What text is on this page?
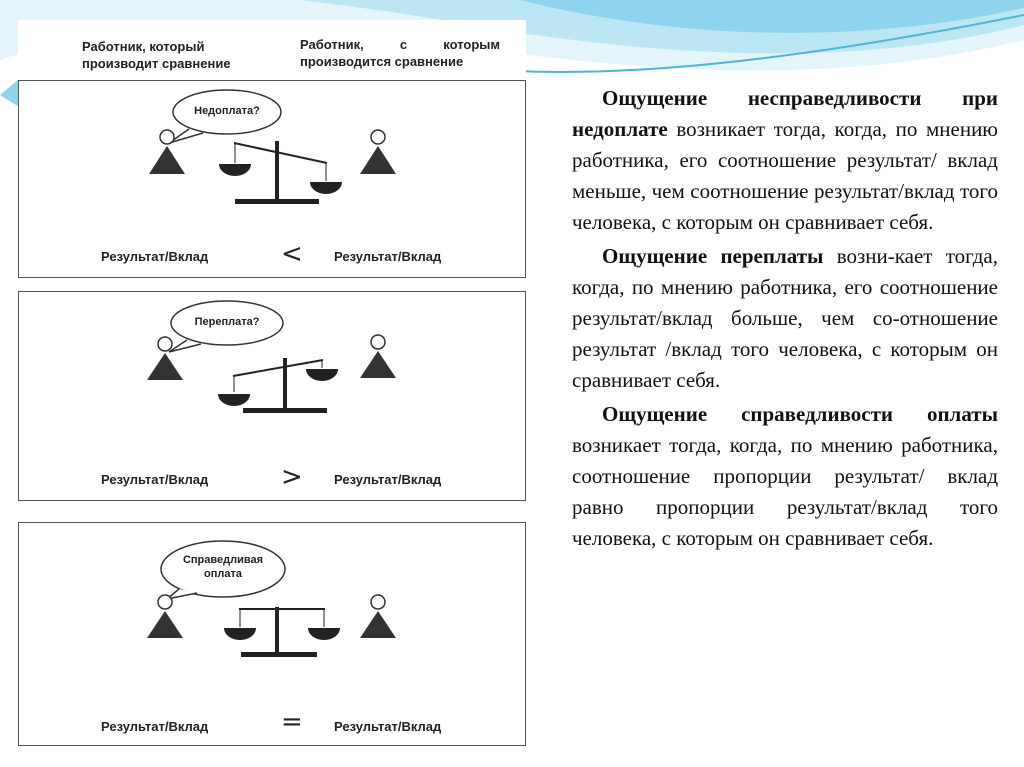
Работник, который производит сравнение
Работник, с которым производится сравнение
Недоплата?
Результат/Вклад	< Результат/Вклад
Переплата?
Результат/Вклад	> Результат/Вклад
Справедливая оплата
Результат/Вклад	= Результат/Вклад

Ощущение несправедливости при недоплате возникает тогда, когда, по мнению работника, его соотношение результат/ вклад меньше, чем соотношение результат/вклад того человека, с которым он сравнивает себя.

Ощущение переплаты возни-кает тогда, когда, по мнению работника, его соотношение результат/вклад больше, чем со-отношение результат /вклад того человека, с которым он сравнивает себя.

Ощущение справедливости оплаты возникает тогда, когда, по мнению работника, соотношение пропорции результат/ вклад равно пропорции результат/вклад того человека, с которым он сравнивает себя.
